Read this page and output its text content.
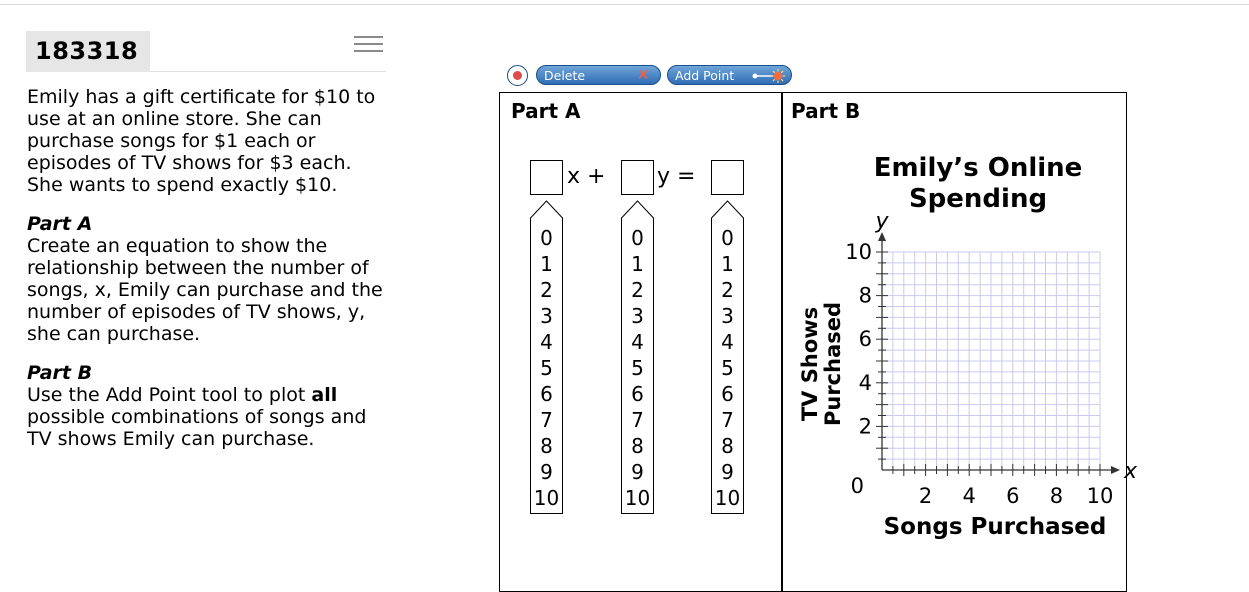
183318

Emily has a gift certificate for $10 to use at an online store. She can purchase songs for $1 each or episodes of TV shows for $3 each. She wants to spend exactly $10.

Part A

Create an equation to show the relationship between the number of songs, x, Emily can purchase and the number of episodes of TV shows, y, she can purchase.

Part B

Use the Add Point tool to plot all possible combinations of songs and TV shows Emily can purchase.

Delete	✕	Add Point
Part A	Part B
x + y =
0
1
2
3
4
5
6
7
8
9
10
0
1
2
3
4
5
6
7
8
9
10
0
1
2
3
4
5
6
7
8
9
10
Emily’s Online
Spending
TV Shows Purchased
Songs Purchased
2 4 6 8 10
2
4
6
8
10
0
x
y
